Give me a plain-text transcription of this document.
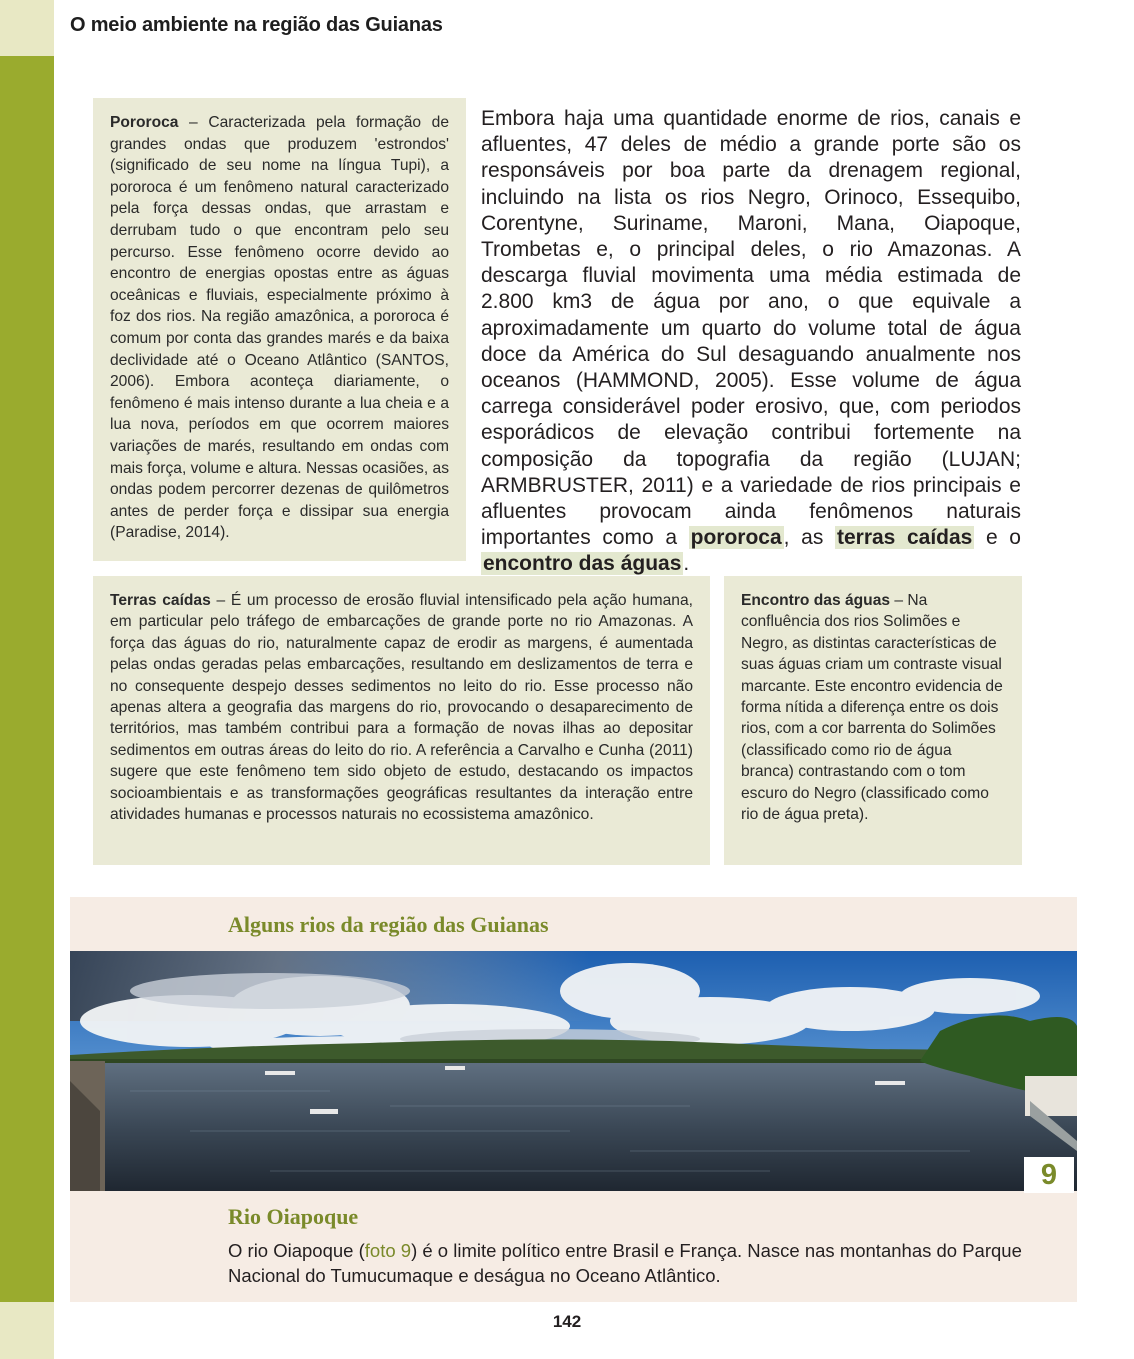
O meio ambiente na região das Guianas

Pororoca – Caracterizada pela formação de grandes ondas que produzem 'estrondos' (significado de seu nome na língua Tupi), a pororoca é um fenômeno natural caracterizado pela força dessas ondas, que arrastam e derrubam tudo o que encontram pelo seu percurso. Esse fenômeno ocorre devido ao encontro de energias opostas entre as águas oceânicas e fluviais, especialmente próximo à foz dos rios. Na região amazônica, a pororoca é comum por conta das grandes marés e da baixa declividade até o Oceano Atlântico (SANTOS, 2006). Embora aconteça diariamente, o fenômeno é mais intenso durante a lua cheia e a lua nova, períodos em que ocorrem maiores variações de marés, resultando em ondas com mais força, volume e altura. Nessas ocasiões, as ondas podem percorrer dezenas de quilômetros antes de perder força e dissipar sua energia (Paradise, 2014).

Embora haja uma quantidade enorme de rios, canais e afluentes, 47 deles de médio a grande porte são os responsáveis por boa parte da drenagem regional, incluindo na lista os rios Negro, Orinoco, Essequibo, Corentyne, Suriname, Maroni, Mana, Oiapoque, Trombetas e, o principal deles, o rio Amazonas. A descarga fluvial movimenta uma média estimada de 2.800 km3 de água por ano, o que equivale a aproximadamente um quarto do volume total de água doce da América do Sul desaguando anualmente nos oceanos (HAMMOND, 2005). Esse volume de água carrega considerável poder erosivo, que, com periodos esporádicos de elevação contribui fortemente na composição da topografia da região (LUJAN; ARMBRUSTER, 2011) e a variedade de rios principais e afluentes provocam ainda fenômenos naturais importantes como a pororoca, as terras caídas e o encontro das águas.

Terras caídas – É um processo de erosão fluvial intensificado pela ação humana, em particular pelo tráfego de embarcações de grande porte no rio Amazonas. A força das águas do rio, naturalmente capaz de erodir as margens, é aumentada pelas ondas geradas pelas embarcações, resultando em deslizamentos de terra e no consequente despejo desses sedimentos no leito do rio. Esse processo não apenas altera a geografia das margens do rio, provocando o desaparecimento de territórios, mas também contribui para a formação de novas ilhas ao depositar sedimentos em outras áreas do leito do rio. A referência a Carvalho e Cunha (2011) sugere que este fenômeno tem sido objeto de estudo, destacando os impactos socioambientais e as transformações geográficas resultantes da interação entre atividades humanas e processos naturais no ecossistema amazônico.

Encontro das águas – Na confluência dos rios Solimões e Negro, as distintas características de suas águas criam um contraste visual marcante. Este encontro evidencia de forma nítida a diferença entre os dois rios, com a cor barrenta do Solimões (classificado como rio de água branca) contrastando com o tom escuro do Negro (classificado como rio de água preta).

Alguns rios da região das Guianas
9
Rio Oiapoque

O rio Oiapoque (foto 9) é o limite político entre Brasil e França. Nasce nas montanhas do Parque Nacional do Tumucumaque e deságua no Oceano Atlântico.

142
